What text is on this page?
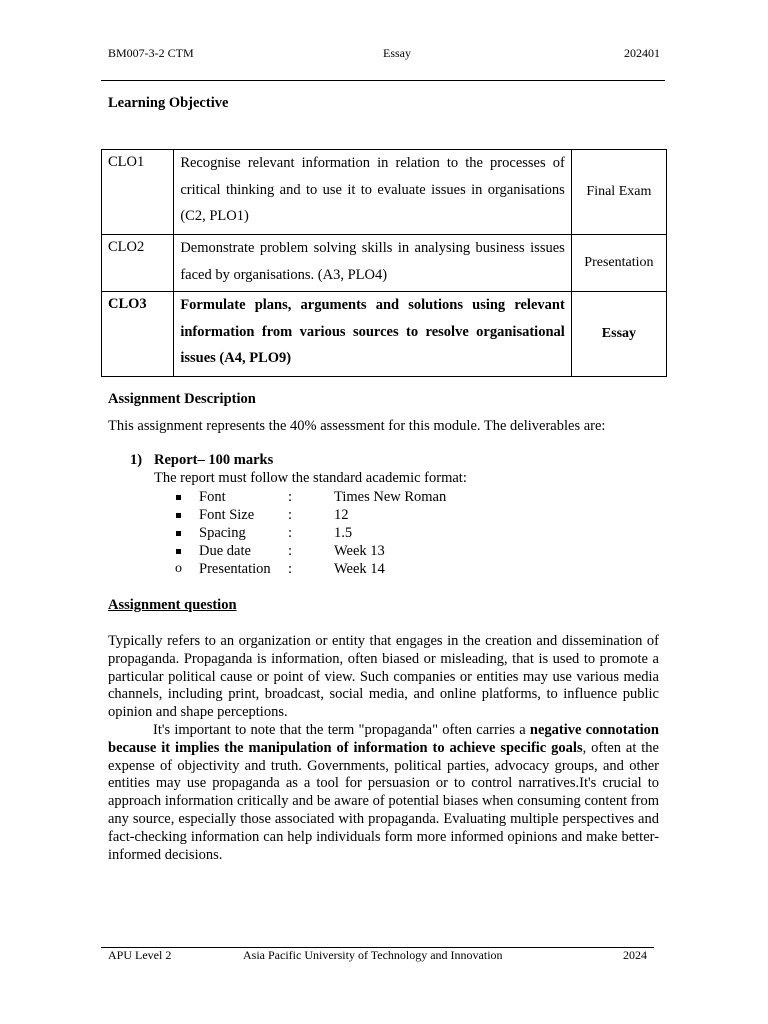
BM007-3-2 CTM	Essay	202401
Learning Objective
CLO1	Recognise relevant information in relation to the processes of critical thinking and to use it to evaluate issues in organisations (C2, PLO1)	Final Exam
CLO2	Demonstrate problem solving skills in analysing business issues faced by organisations. (A3, PLO4)	Presentation
CLO3	Formulate plans, arguments and solutions using relevant information from various sources to resolve organisational issues (A4, PLO9)	Essay
Assignment Description
This assignment represents the 40% assessment for this module. The deliverables are:
1) Report– 100 marks
The report must follow the standard academic format:
Font	:	Times New Roman
Font Size :	12
Spacing	:	1.5
Due date	:	Week 13
o	Presentation :	Week 14
Assignment question

Typically refers to an organization or entity that engages in the creation and dissemination of propaganda. Propaganda is information, often biased or misleading, that is used to promote a particular political cause or point of view. Such companies or entities may use various media channels, including print, broadcast, social media, and online platforms, to influence public opinion and shape perceptions.

It's important to note that the term "propaganda" often carries a negative connotation because it implies the manipulation of information to achieve specific goals, often at the expense of objectivity and truth. Governments, political parties, advocacy groups, and other entities may use propaganda as a tool for persuasion or to control narratives.It's crucial to approach information critically and be aware of potential biases when consuming content from any source, especially those associated with propaganda. Evaluating multiple perspectives and fact-checking information can help individuals form more informed opinions and make better-informed decisions.

APU Level 2	Asia Pacific University of Technology and Innovation	2024
